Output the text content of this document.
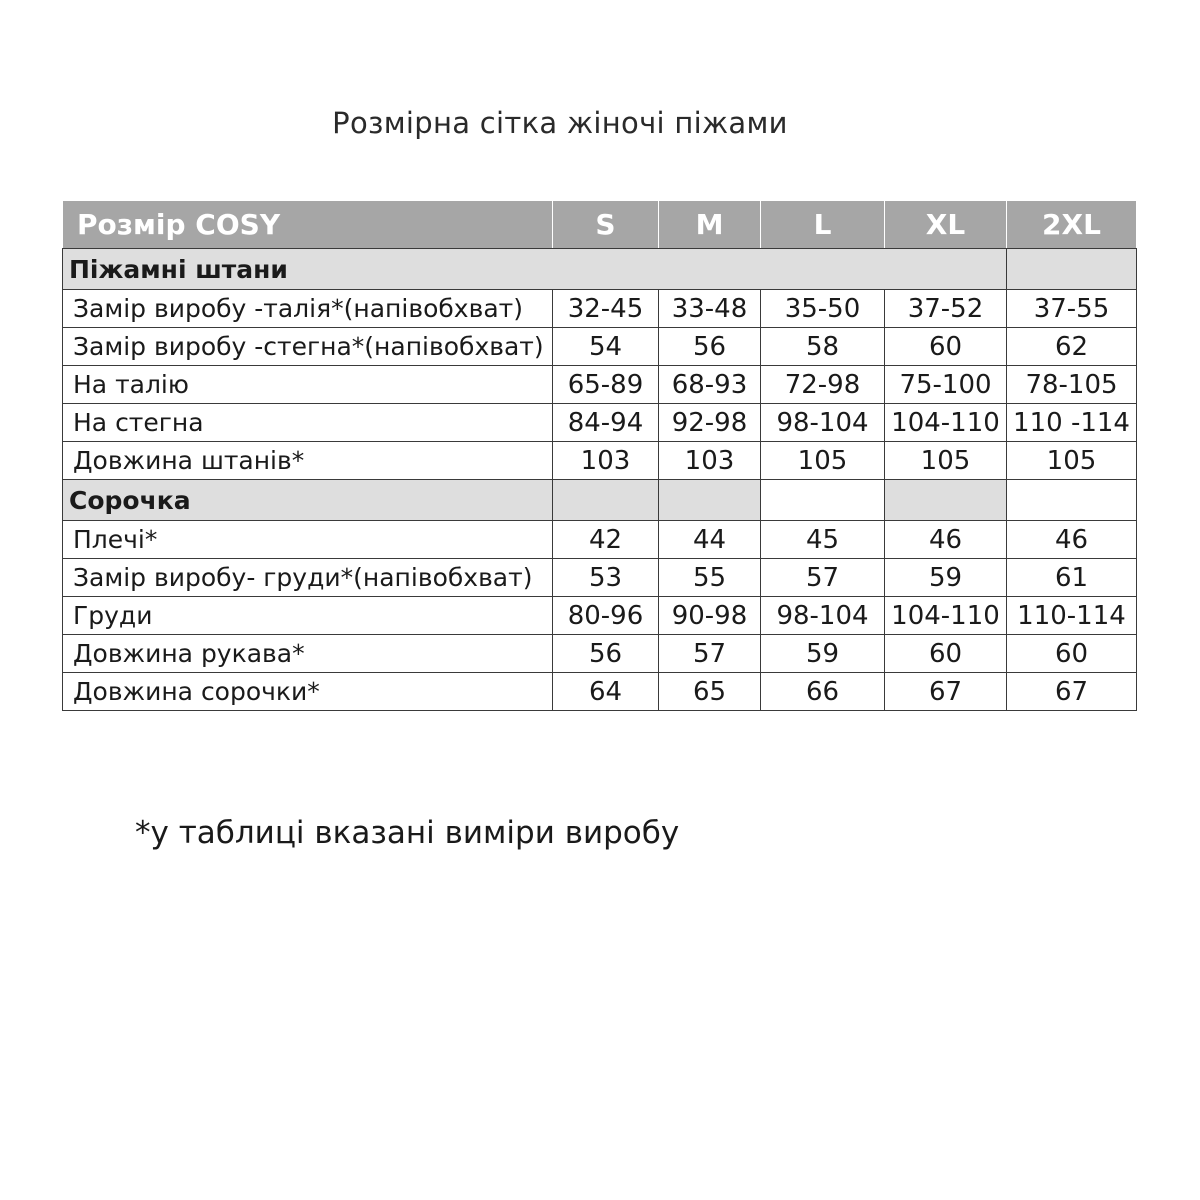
Розмірна сітка жіночі піжами
Розмір COSY	S	M	L	XL	2XL
Піжамні штани					
Замір виробу -талія*(напівобхват)	32-45	33-48	35-50	37-52	37-55
Замір виробу -стегна*(напівобхват)	54	56	58	60	62
На талію	65-89	68-93	72-98	75-100	78-105
На стегна	84-94	92-98	98-104	104-110	110 -114
Довжина штанів*	103	103	105	105	105
Сорочка					
Плечі*	42	44	45	46	46
Замір виробу- груди*(напівобхват)	53	55	57	59	61
Груди	80-96	90-98	98-104	104-110	110-114
Довжина рукава*	56	57	59	60	60
Довжина сорочки*	64	65	66	67	67
*у таблиці вказані виміри виробу
